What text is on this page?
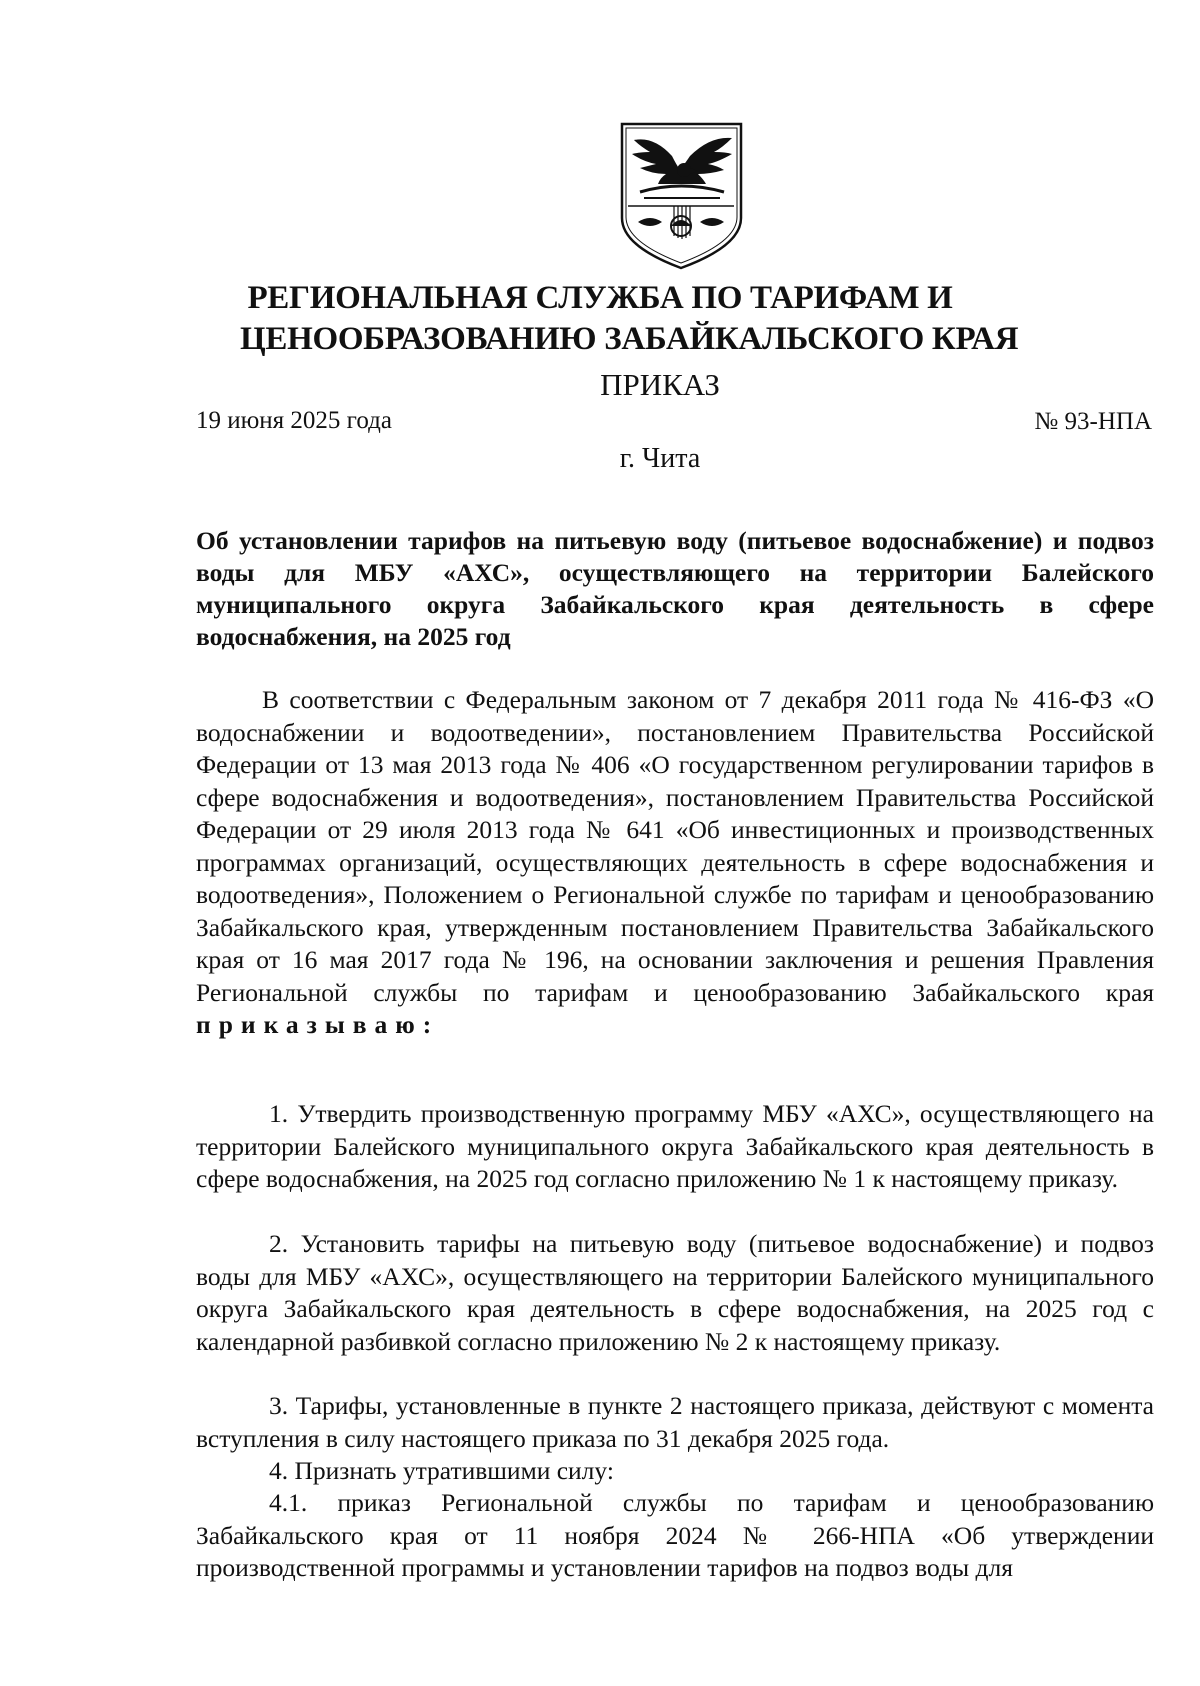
РЕГИОНАЛЬНАЯ СЛУЖБА ПО ТАРИФАМ И
ЦЕНООБРАЗОВАНИЮ ЗАБАЙКАЛЬСКОГО КРАЯ
ПРИКАЗ
19 июня 2025 года	№ 93-НПА
г. Чита

Об установлении тарифов на питьевую воду (питьевое водоснабжение) и подвоз воды для МБУ «АХС», осуществляющего на территории Балейского муниципального округа Забайкальского края деятельность в сфере водоснабжения, на 2025 год

В соответствии с Федеральным законом от 7 декабря 2011 года № 416-ФЗ «О водоснабжении и водоотведении», постановлением Правительства Российской Федерации от 13 мая 2013 года № 406 «О государственном регулировании тарифов в сфере водоснабжения и водоотведения», постановлением Правительства Российской Федерации от 29 июля 2013 года № 641 «Об инвестиционных и производственных программах организаций, осуществляющих деятельность в сфере водоснабжения и водоотведения», Положением о Региональной службе по тарифам и ценообразованию Забайкальского края, утвержденным постановлением Правительства Забайкальского края от 16 мая 2017 года № 196, на основании заключения и решения Правления Региональной службы по тарифам и ценообразованию Забайкальского края приказываю:

1. Утвердить производственную программу МБУ «АХС», осуществляющего на территории Балейского муниципального округа Забайкальского края деятельность в сфере водоснабжения, на 2025 год согласно приложению № 1 к настоящему приказу.

2. Установить тарифы на питьевую воду (питьевое водоснабжение) и подвоз воды для МБУ «АХС», осуществляющего на территории Балейского муниципального округа Забайкальского края деятельность в сфере водоснабжения, на 2025 год с календарной разбивкой согласно приложению № 2 к настоящему приказу.

3. Тарифы, установленные в пункте 2 настоящего приказа, действуют с момента вступления в силу настоящего приказа по 31 декабря 2025 года.

4. Признать утратившими силу:

4.1. приказ Региональной службы по тарифам и ценообразованию Забайкальского края от 11 ноября 2024 № 266-НПА «Об утверждении производственной программы и установлении тарифов на подвоз воды для
